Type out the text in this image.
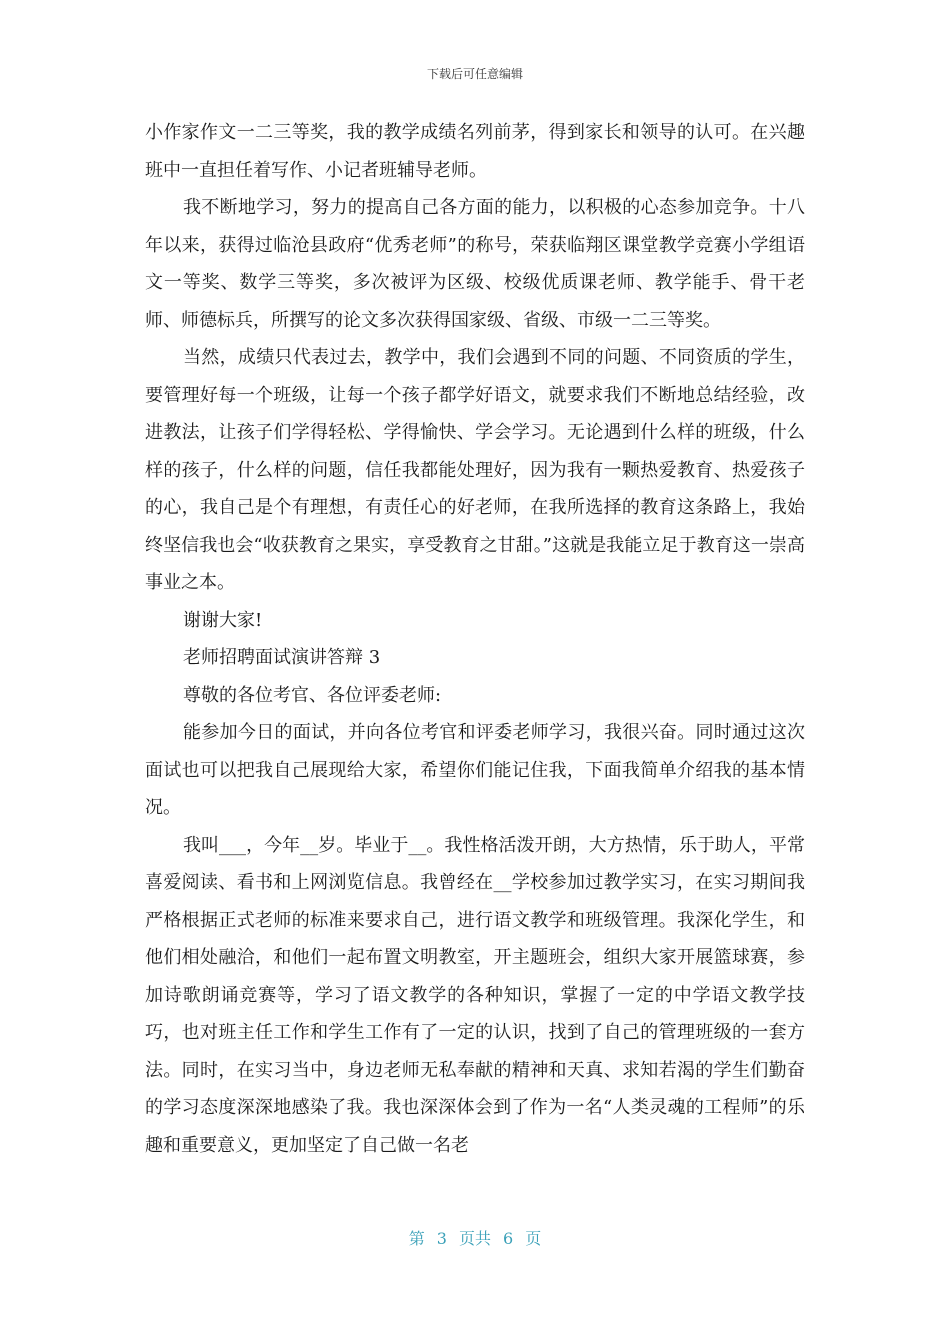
下载后可任意编辑

小作家作文一二三等奖，我的教学成绩名列前茅，得到家长和领导的认可。在兴趣班中一直担任着写作、小记者班辅导老师。

我不断地学习，努力的提高自己各方面的能力，以积极的心态参加竞争。十八年以来，获得过临沧县政府“优秀老师”的称号，荣获临翔区课堂教学竞赛小学组语文一等奖、数学三等奖，多次被评为区级、校级优质课老师、教学能手、骨干老师、师德标兵，所撰写的论文多次获得国家级、省级、市级一二三等奖。

当然，成绩只代表过去，教学中，我们会遇到不同的问题、不同资质的学生，要管理好每一个班级，让每一个孩子都学好语文，就要求我们不断地总结经验，改进教法，让孩子们学得轻松、学得愉快、学会学习。无论遇到什么样的班级，什么样的孩子，什么样的问题，信任我都能处理好，因为我有一颗热爱教育、热爱孩子的心，我自己是个有理想，有责任心的好老师，在我所选择的教育这条路上，我始终坚信我也会“收获教育之果实，享受教育之甘甜。”这就是我能立足于教育这一崇高事业之本。

谢谢大家!

老师招聘面试演讲答辩 3

尊敬的各位考官、各位评委老师:

能参加今日的面试，并向各位考官和评委老师学习，我很兴奋。同时通过这次面试也可以把我自己展现给大家，希望你们能记住我，下面我简单介绍我的基本情况。

我叫___，今年__岁。毕业于__。我性格活泼开朗，大方热情，乐于助人，平常喜爱阅读、看书和上网浏览信息。我曾经在__学校参加过教学实习，在实习期间我严格根据正式老师的标准来要求自己，进行语文教学和班级管理。我深化学生，和他们相处融洽，和他们一起布置文明教室，开主题班会，组织大家开展篮球赛，参加诗歌朗诵竞赛等，学习了语文教学的各种知识，掌握了一定的中学语文教学技巧，也对班主任工作和学生工作有了一定的认识，找到了自己的管理班级的一套方法。同时，在实习当中，身边老师无私奉献的精神和天真、求知若渴的学生们勤奋的学习态度深深地感染了我。我也深深体会到了作为一名“人类灵魂的工程师”的乐趣和重要意义，更加坚定了自己做一名老

第 3 页共 6 页
